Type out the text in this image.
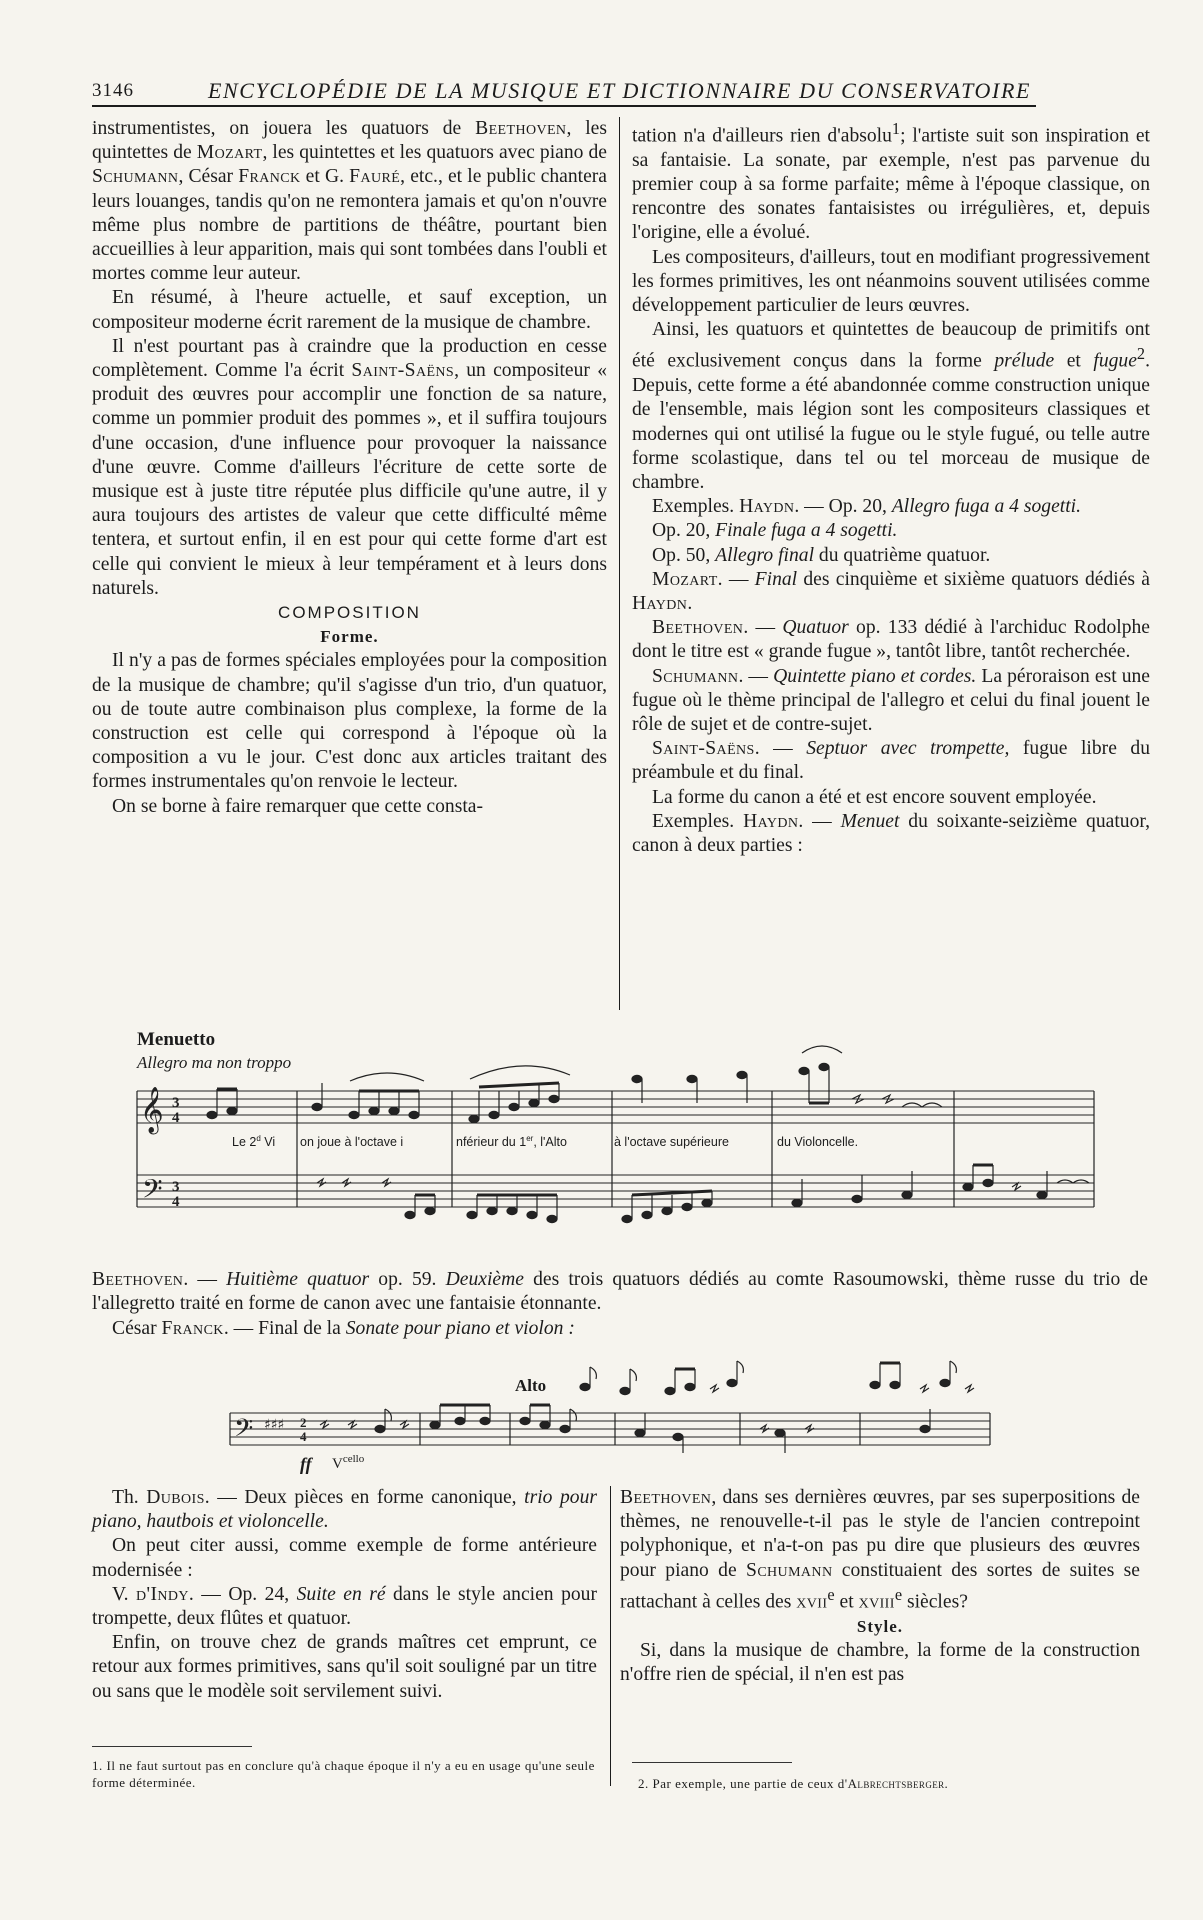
3146	ENCYCLOPÉDIE DE LA MUSIQUE ET DICTIONNAIRE DU CONSERVATOIRE

instrumentistes, on jouera les quatuors de Beethoven, les quintettes de Mozart, les quintettes et les quatuors avec piano de Schumann, César Franck et G. Fauré, etc., et le public chantera leurs louanges, tandis qu'on ne remontera jamais et qu'on n'ouvre même plus nombre de partitions de théâtre, pourtant bien accueillies à leur apparition, mais qui sont tombées dans l'oubli et mortes comme leur auteur.

En résumé, à l'heure actuelle, et sauf exception, un compositeur moderne écrit rarement de la musique de chambre.

Il n'est pourtant pas à craindre que la production en cesse complètement. Comme l'a écrit Saint-Saëns, un compositeur « produit des œuvres pour accomplir une fonction de sa nature, comme un pommier produit des pommes », et il suffira toujours d'une occasion, d'une influence pour provoquer la naissance d'une œuvre. Comme d'ailleurs l'écriture de cette sorte de musique est à juste titre réputée plus difficile qu'une autre, il y aura toujours des artistes de valeur que cette difficulté même tentera, et surtout enfin, il en est pour qui cette forme d'art est celle qui convient le mieux à leur tempérament et à leurs dons naturels.

COMPOSITION

Forme.

Il n'y a pas de formes spéciales employées pour la composition de la musique de chambre; qu'il s'agisse d'un trio, d'un quatuor, ou de toute autre combinaison plus complexe, la forme de la construction est celle qui correspond à l'époque où la composition a vu le jour. C'est donc aux articles traitant des formes instrumentales qu'on renvoie le lecteur.

On se borne à faire remarquer que cette consta-

tation n'a d'ailleurs rien d'absolu$^1$; l'artiste suit son inspiration et sa fantaisie. La sonate, par exemple, n'est pas parvenue du premier coup à sa forme parfaite; même à l'époque classique, on rencontre des sonates fantaisistes ou irrégulières, et, depuis l'origine, elle a évolué.

Les compositeurs, d'ailleurs, tout en modifiant progressivement les formes primitives, les ont néanmoins souvent utilisées comme développement particulier de leurs œuvres.

Ainsi, les quatuors et quintettes de beaucoup de primitifs ont été exclusivement conçus dans la forme prélude et fugue$^2$. Depuis, cette forme a été abandonnée comme construction unique de l'ensemble, mais légion sont les compositeurs classiques et modernes qui ont utilisé la fugue ou le style fugué, ou telle autre forme scolastique, dans tel ou tel morceau de musique de chambre.

Exemples. Haydn. — Op. 20, Allegro fuga a 4 sogetti.

Op. 20, Finale fuga a 4 sogetti.

Op. 50, Allegro final du quatrième quatuor.

Mozart. — Final des cinquième et sixième quatuors dédiés à Haydn.

Beethoven. — Quatuor op. 133 dédié à l'archiduc Rodolphe dont le titre est « grande fugue », tantôt libre, tantôt recherchée.

Schumann. — Quintette piano et cordes. La péroraison est une fugue où le thème principal de l'allegro et celui du final jouent le rôle de sujet et de contre-sujet.

Saint-Saëns. — Septuor avec trompette, fugue libre du préambule et du final.

La forme du canon a été et est encore souvent employée.

Exemples. Haydn. — Menuet du soixante-seizième quatuor, canon à deux parties :

Menuetto
Allegro ma non troppo
𝄞
𝄢
3
4
3
4
Le 2$^d$ Vi on joue à l'octave i	nférieur du 1er, l'Alto	à l'octave supérieure	du Violoncelle.
Beethoven. — Huitième quatuor op. 59. Deuxième des trois quatuors dédiés au comte Rasoumowski, thème russe du trio de l'allegretto traité en forme de canon avec une fantaisie étonnante.
César Franck. — Final de la Sonate pour piano et violon :
Alto
𝄢 ♯♯♯ 2
4
ff $V^{cello}$

Th. Dubois. — Deux pièces en forme canonique, trio pour piano, hautbois et violoncelle.

On peut citer aussi, comme exemple de forme antérieure modernisée :

V. d'Indy. — Op. 24, Suite en ré dans le style ancien pour trompette, deux flûtes et quatuor.

Enfin, on trouve chez de grands maîtres cet emprunt, ce retour aux formes primitives, sans qu'il soit souligné par un titre ou sans que le modèle soit servilement suivi.

Beethoven, dans ses dernières œuvres, par ses superpositions de thèmes, ne renouvelle-t-il pas le style de l'ancien contrepoint polyphonique, et n'a-t-on pas pu dire que plusieurs des œuvres pour piano de Schumann constituaient des sortes de suites se rattachant à celles des xvii$^e$ et xviii$^e$ siècles?

Style.

Si, dans la musique de chambre, la forme de la construction n'offre rien de spécial, il n'en est pas

1. Il ne faut surtout pas en conclure qu'à chaque époque il n'y a eu en usage qu'une seule forme déterminée.	2. Par exemple, une partie de ceux d'Albrechtsberger.
